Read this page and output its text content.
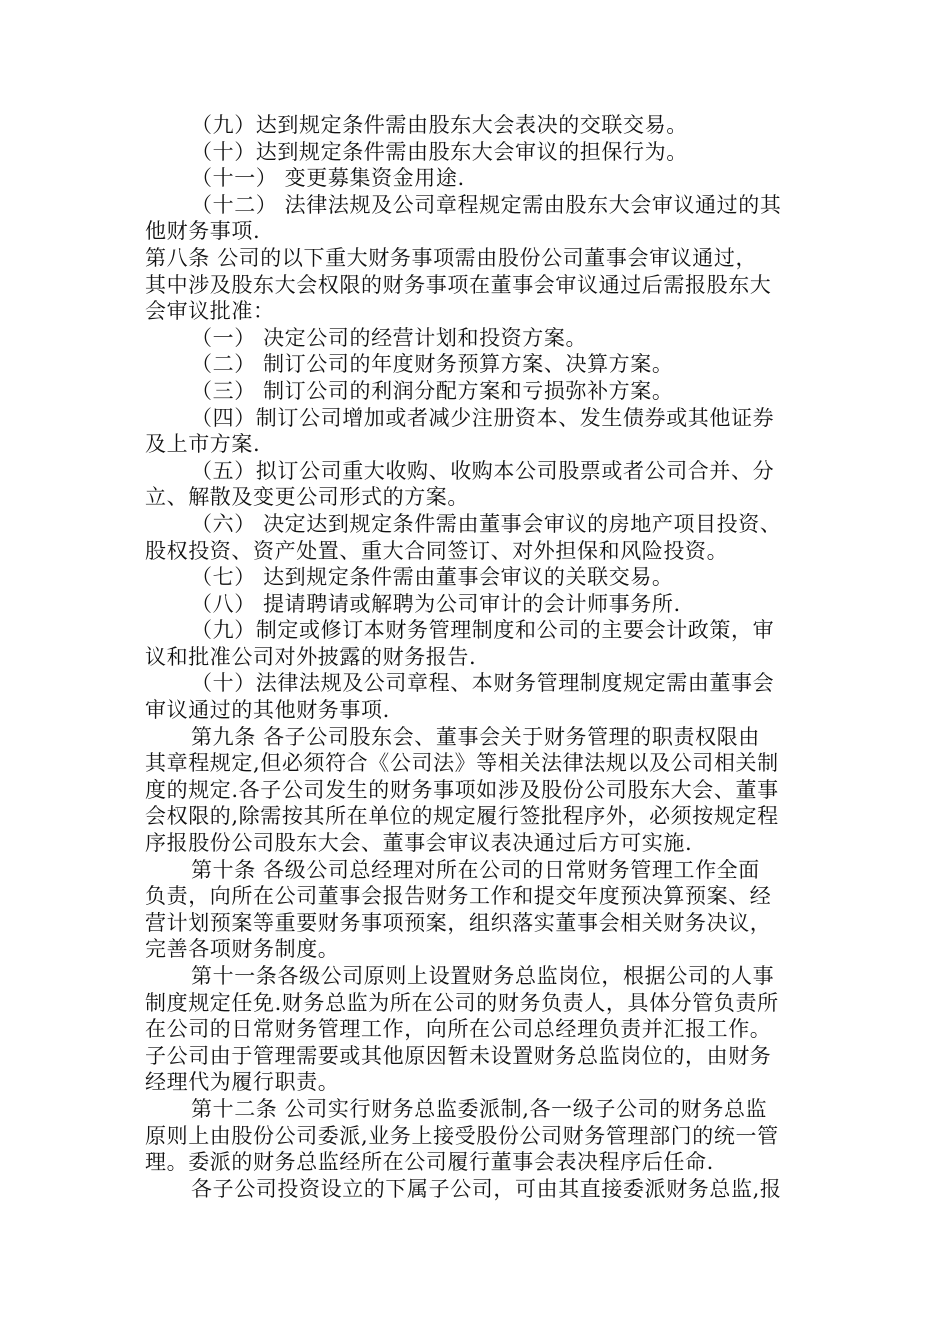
（九）达到规定条件需由股东大会表决的交联交易。
（十）达到规定条件需由股东大会审议的担保行为。
（十一） 变更募集资金用途.
（十二） 法律法规及公司章程规定需由股东大会审议通过的其
他财务事项.
第八条 公司的以下重大财务事项需由股份公司董事会审议通过，
其中涉及股东大会权限的财务事项在董事会审议通过后需报股东大
会审议批准：
（一） 决定公司的经营计划和投资方案。
（二） 制订公司的年度财务预算方案、决算方案。
（三） 制订公司的利润分配方案和亏损弥补方案。
（四）制订公司增加或者减少注册资本、发生债券或其他证券
及上市方案.
（五）拟订公司重大收购、收购本公司股票或者公司合并、分
立、解散及变更公司形式的方案。
（六） 决定达到规定条件需由董事会审议的房地产项目投资、
股权投资、资产处置、重大合同签订、对外担保和风险投资。
（七） 达到规定条件需由董事会审议的关联交易。
（八） 提请聘请或解聘为公司审计的会计师事务所.
（九）制定或修订本财务管理制度和公司的主要会计政策，审
议和批准公司对外披露的财务报告.
（十）法律法规及公司章程、本财务管理制度规定需由董事会
审议通过的其他财务事项.
第九条 各子公司股东会、董事会关于财务管理的职责权限由
其章程规定,但必须符合《公司法》等相关法律法规以及公司相关制
度的规定.各子公司发生的财务事项如涉及股份公司股东大会、董事
会权限的,除需按其所在单位的规定履行签批程序外，必须按规定程
序报股份公司股东大会、董事会审议表决通过后方可实施.
第十条 各级公司总经理对所在公司的日常财务管理工作全面
负责，向所在公司董事会报告财务工作和提交年度预决算预案、经
营计划预案等重要财务事项预案，组织落实董事会相关财务决议，
完善各项财务制度。
第十一条各级公司原则上设置财务总监岗位，根据公司的人事
制度规定任免.财务总监为所在公司的财务负责人，具体分管负责所
在公司的日常财务管理工作，向所在公司总经理负责并汇报工作。
子公司由于管理需要或其他原因暂未设置财务总监岗位的，由财务
经理代为履行职责。
第十二条 公司实行财务总监委派制,各一级子公司的财务总监
原则上由股份公司委派,业务上接受股份公司财务管理部门的统一管
理。委派的财务总监经所在公司履行董事会表决程序后任命.
各子公司投资设立的下属子公司，可由其直接委派财务总监,报
